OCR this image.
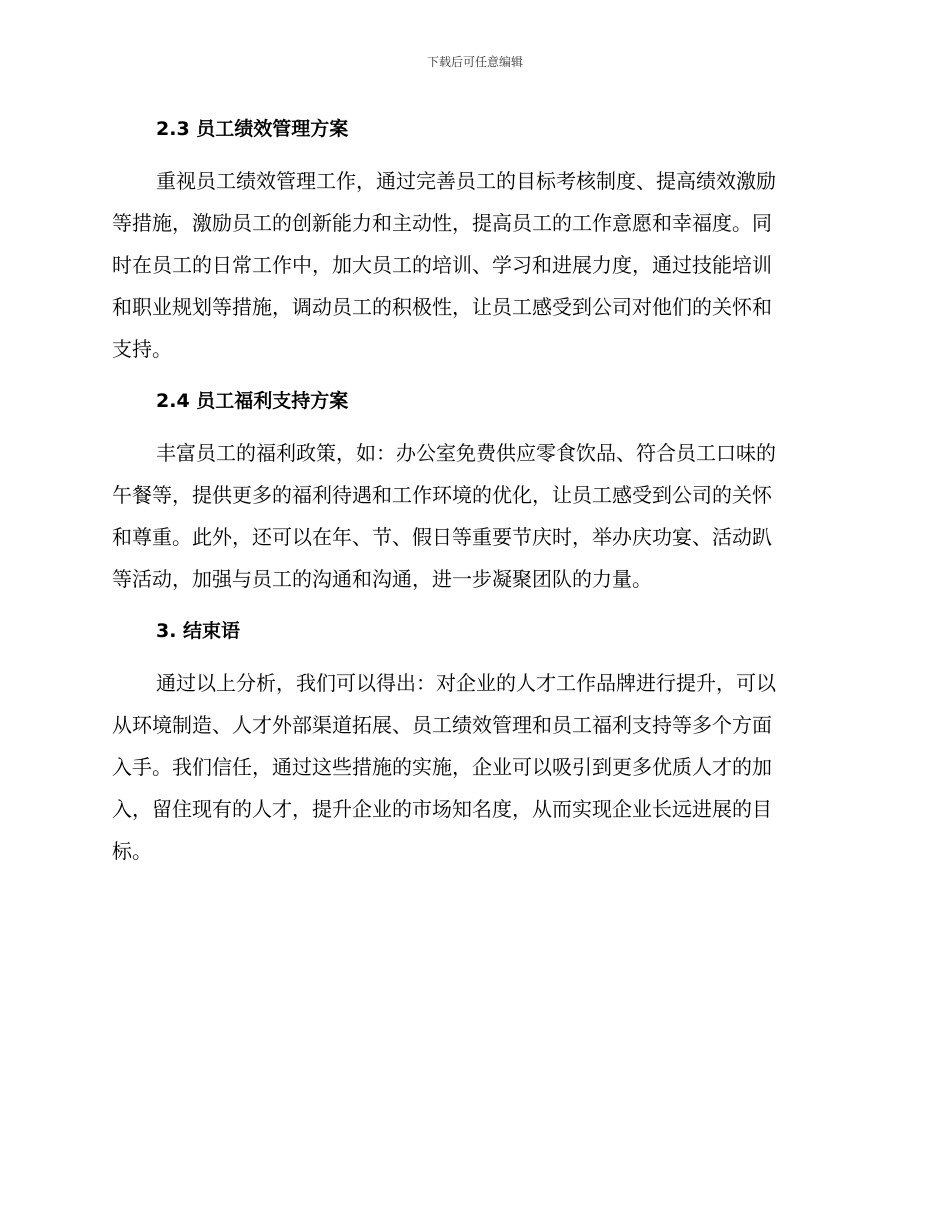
下载后可任意编辑
2.3 员工绩效管理方案
重视员工绩效管理工作，通过完善员工的目标考核制度、提高绩效激励
等措施，激励员工的创新能力和主动性，提高员工的工作意愿和幸福度。同
时在员工的日常工作中，加大员工的培训、学习和进展力度，通过技能培训
和职业规划等措施，调动员工的积极性，让员工感受到公司对他们的关怀和
支持。
2.4 员工福利支持方案
丰富员工的福利政策，如：办公室免费供应零食饮品、符合员工口味的
午餐等，提供更多的福利待遇和工作环境的优化，让员工感受到公司的关怀
和尊重。此外，还可以在年、节、假日等重要节庆时，举办庆功宴、活动趴
等活动，加强与员工的沟通和沟通，进一步凝聚团队的力量。
3. 结束语
通过以上分析，我们可以得出：对企业的人才工作品牌进行提升，可以
从环境制造、人才外部渠道拓展、员工绩效管理和员工福利支持等多个方面
入手。我们信任，通过这些措施的实施，企业可以吸引到更多优质人才的加
入，留住现有的人才，提升企业的市场知名度，从而实现企业长远进展的目
标。
